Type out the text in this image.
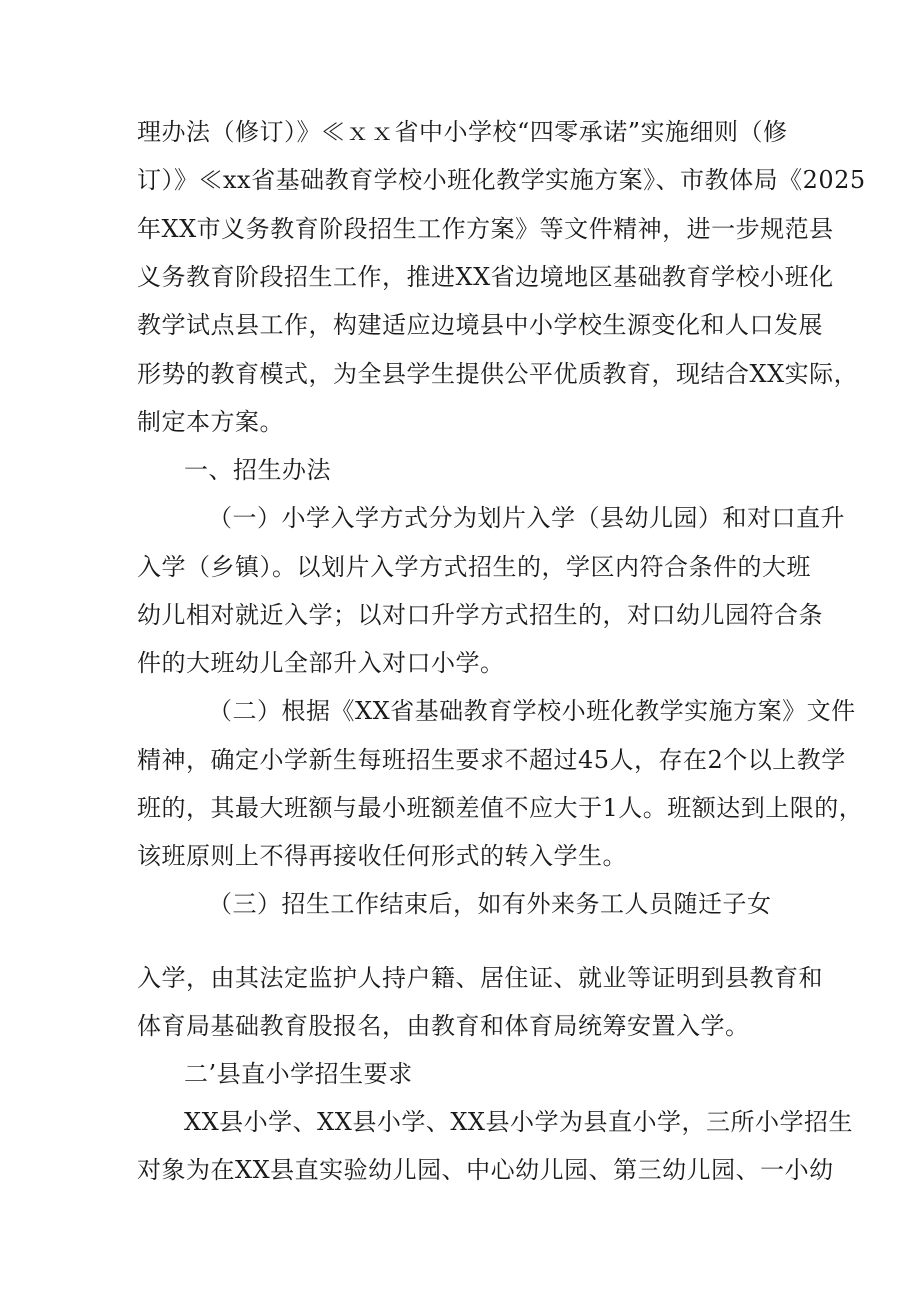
理办法（修订）》≪ｘｘ省中小学校“四零承诺”实施细则（修
订）》≪xx省基础教育学校小班化教学实施方案》、市教体局《2025
年XX市义务教育阶段招生工作方案》等文件精神，进一步规范县
义务教育阶段招生工作，推进XX省边境地区基础教育学校小班化
教学试点县工作，构建适应边境县中小学校生源变化和人口发展
形势的教育模式，为全县学生提供公平优质教育，现结合XX实际，
制定本方案。
一、招生办法
（一）小学入学方式分为划片入学（县幼儿园）和对口直升
入学（乡镇）。以划片入学方式招生的，学区内符合条件的大班
幼儿相对就近入学；以对口升学方式招生的，对口幼儿园符合条
件的大班幼儿全部升入对口小学。
（二）根据《XX省基础教育学校小班化教学实施方案》文件
精神，确定小学新生每班招生要求不超过45人，存在2个以上教学
班的，其最大班额与最小班额差值不应大于1人。班额达到上限的，
该班原则上不得再接收任何形式的转入学生。
（三）招生工作结束后，如有外来务工人员随迁子女
入学，由其法定监护人持户籍、居住证、就业等证明到县教育和
体育局基础教育股报名，由教育和体育局统筹安置入学。
二’县直小学招生要求
XX县小学、XX县小学、XX县小学为县直小学，三所小学招生
对象为在XX县直实验幼儿园、中心幼儿园、第三幼儿园、一小幼
